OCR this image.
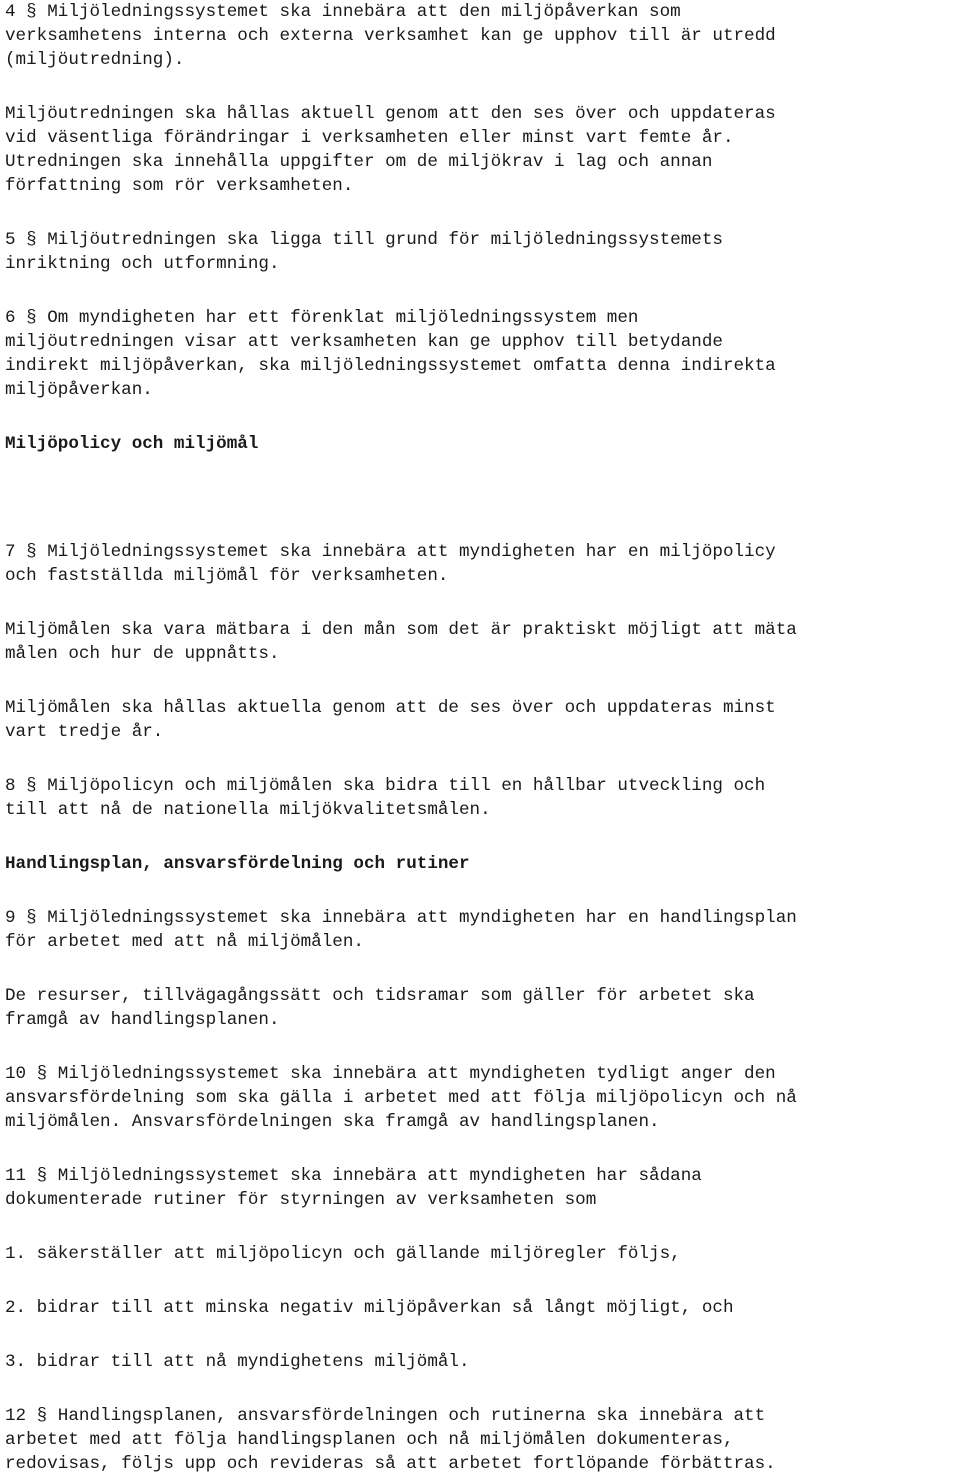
4 § Miljöledningssystemet ska innebära att den miljöpåverkan som
verksamhetens interna och externa verksamhet kan ge upphov till är utredd
(miljöutredning).
Miljöutredningen ska hållas aktuell genom att den ses över och uppdateras
vid väsentliga förändringar i verksamheten eller minst vart femte år.
Utredningen ska innehålla uppgifter om de miljökrav i lag och annan
författning som rör verksamheten.
5 § Miljöutredningen ska ligga till grund för miljöledningssystemets
inriktning och utformning.
6 § Om myndigheten har ett förenklat miljöledningssystem men
miljöutredningen visar att verksamheten kan ge upphov till betydande
indirekt miljöpåverkan, ska miljöledningssystemet omfatta denna indirekta
miljöpåverkan.
Miljöpolicy och miljömål
7 § Miljöledningssystemet ska innebära att myndigheten har en miljöpolicy
och fastställda miljömål för verksamheten.
Miljömålen ska vara mätbara i den mån som det är praktiskt möjligt att mäta
målen och hur de uppnåtts.
Miljömålen ska hållas aktuella genom att de ses över och uppdateras minst
vart tredje år.
8 § Miljöpolicyn och miljömålen ska bidra till en hållbar utveckling och
till att nå de nationella miljökvalitetsmålen.
Handlingsplan, ansvarsfördelning och rutiner
9 § Miljöledningssystemet ska innebära att myndigheten har en handlingsplan
för arbetet med att nå miljömålen.
De resurser, tillvägagångssätt och tidsramar som gäller för arbetet ska
framgå av handlingsplanen.
10 § Miljöledningssystemet ska innebära att myndigheten tydligt anger den
ansvarsfördelning som ska gälla i arbetet med att följa miljöpolicyn och nå
miljömålen. Ansvarsfördelningen ska framgå av handlingsplanen.
11 § Miljöledningssystemet ska innebära att myndigheten har sådana
dokumenterade rutiner för styrningen av verksamheten som
1. säkerställer att miljöpolicyn och gällande miljöregler följs,
2. bidrar till att minska negativ miljöpåverkan så långt möjligt, och
3. bidrar till att nå myndighetens miljömål.
12 § Handlingsplanen, ansvarsfördelningen och rutinerna ska innebära att
arbetet med att följa handlingsplanen och nå miljömålen dokumenteras,
redovisas, följs upp och revideras så att arbetet fortlöpande förbättras.
